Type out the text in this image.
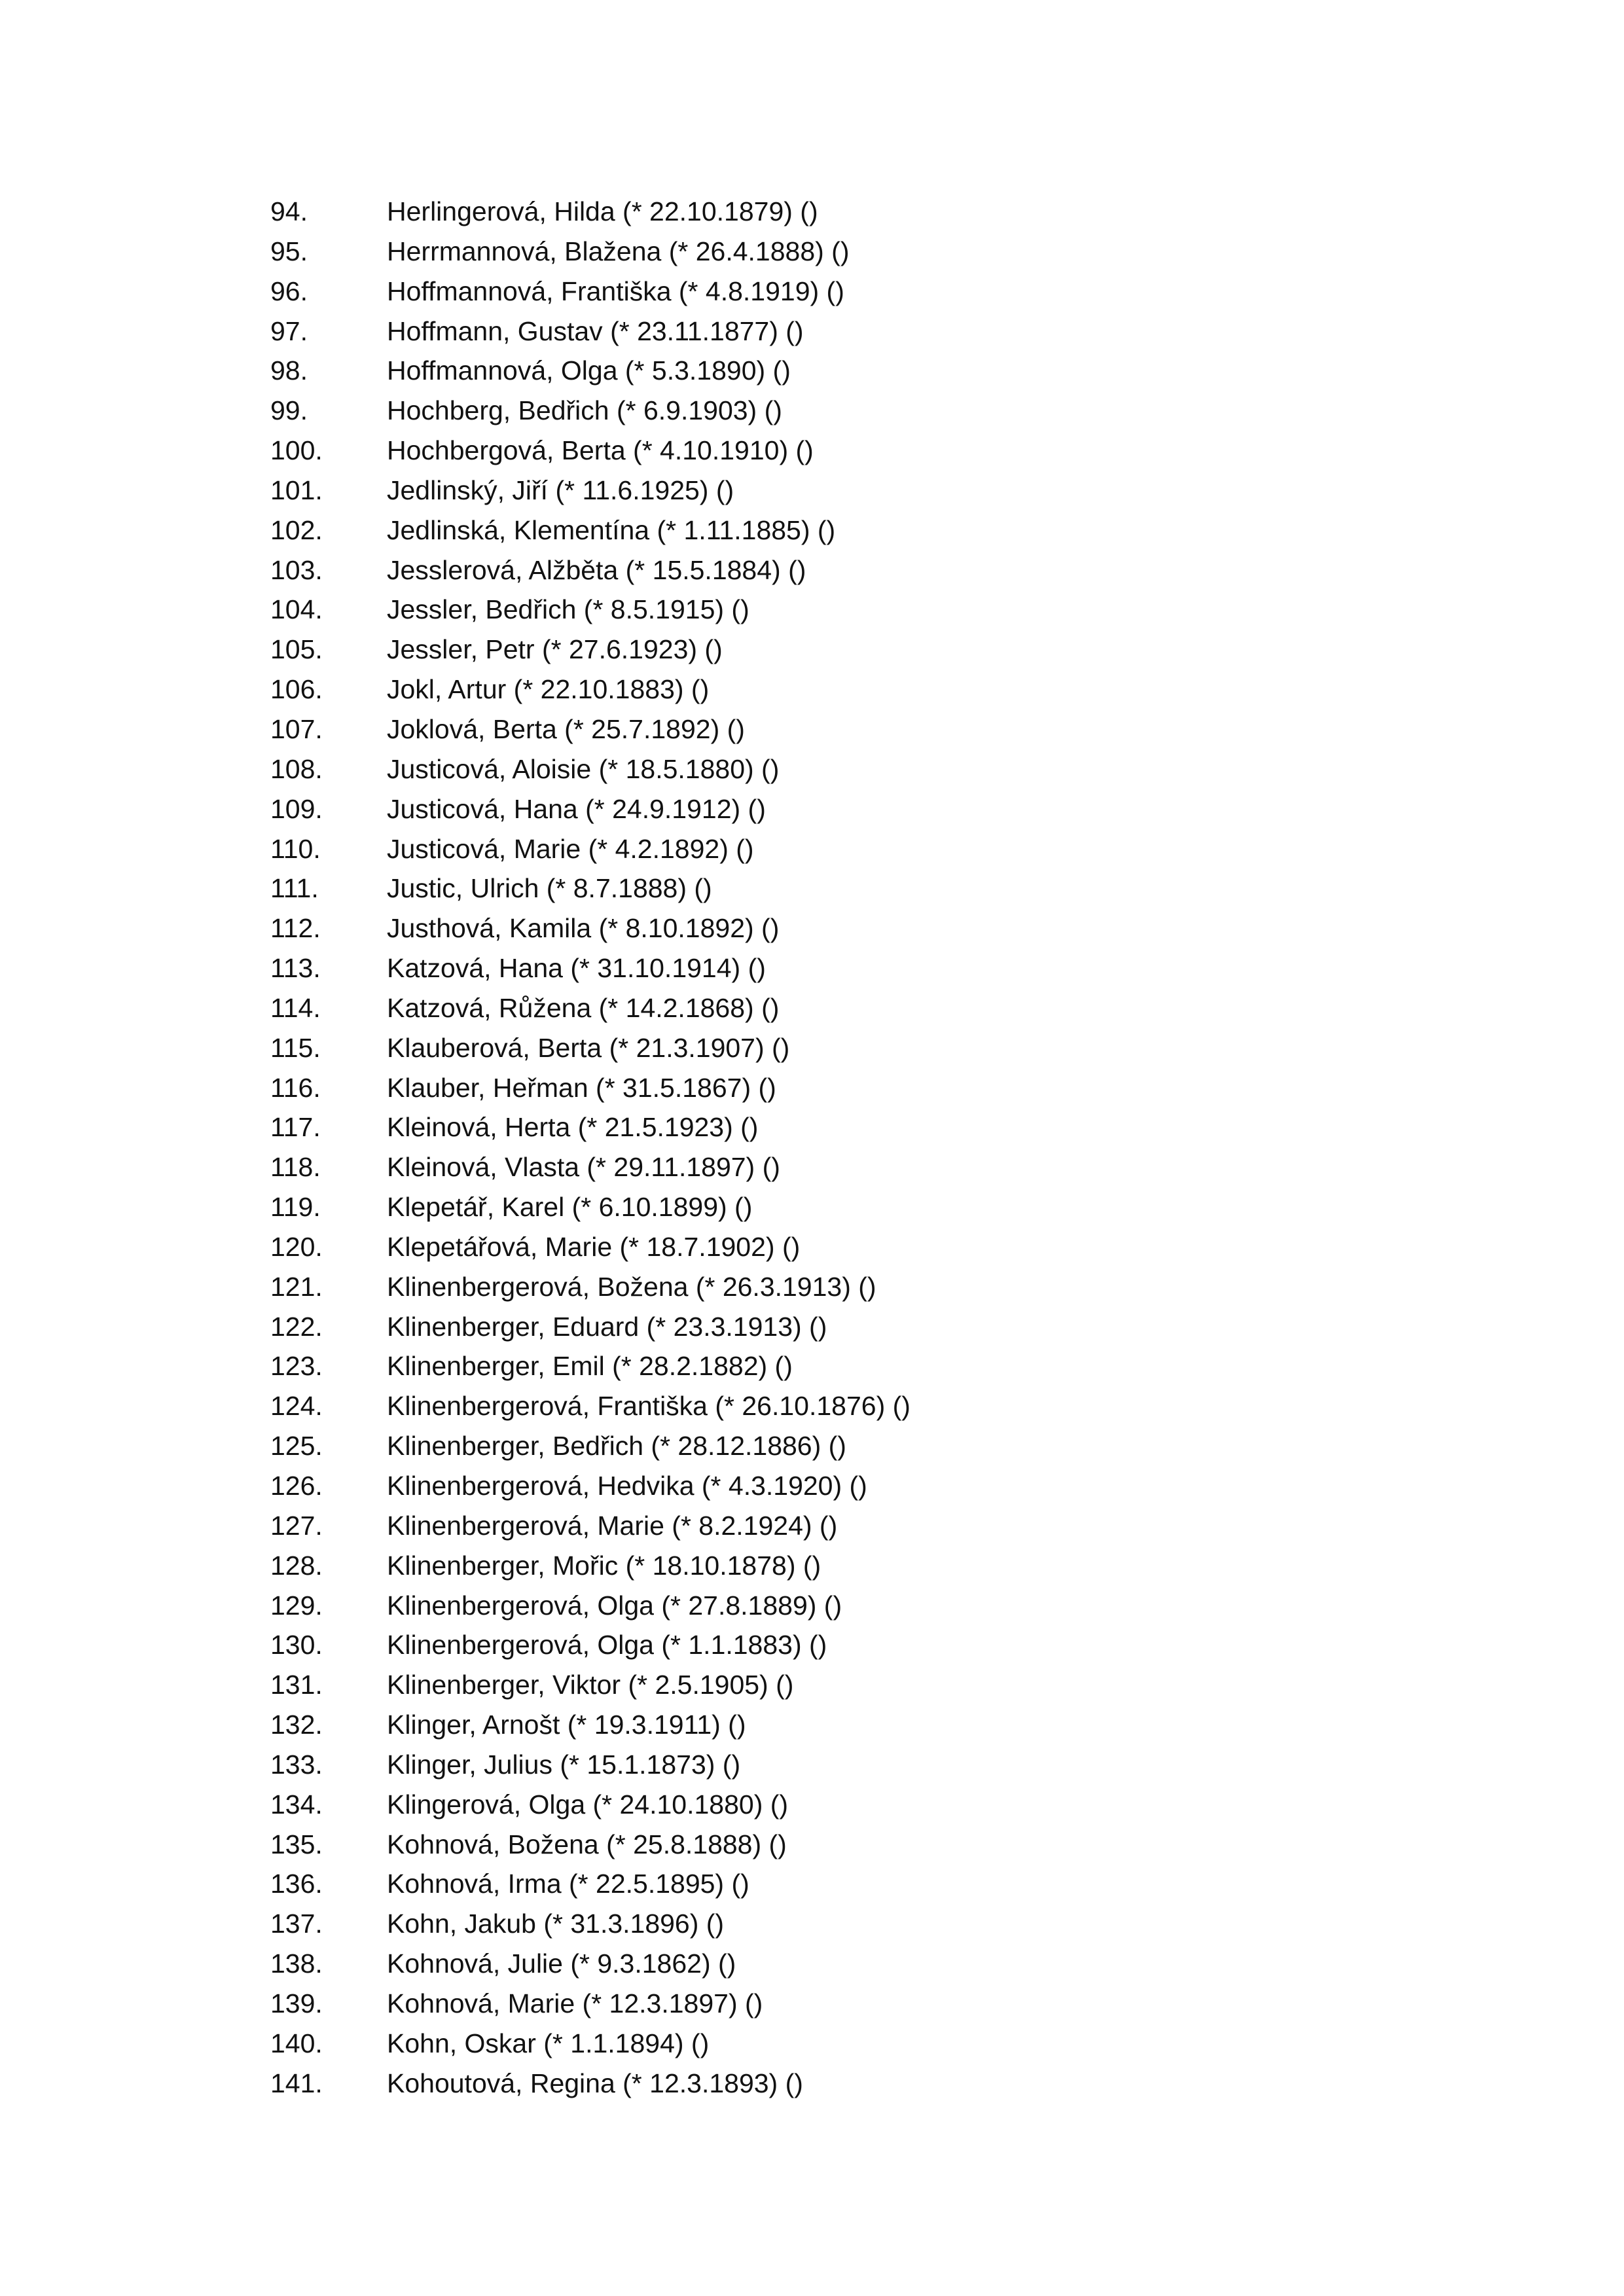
94.	Herlingerová, Hilda (* 22.10.1879) ()
95.	Herrmannová, Blažena (* 26.4.1888) ()
96.	Hoffmannová, Františka (* 4.8.1919) ()
97.	Hoffmann, Gustav (* 23.11.1877) ()
98.	Hoffmannová, Olga (* 5.3.1890) ()
99.	Hochberg, Bedřich (* 6.9.1903) ()
100. Hochbergová, Berta (* 4.10.1910) ()
101. Jedlinský, Jiří (* 11.6.1925) ()
102. Jedlinská, Klementína (* 1.11.1885) ()
103. Jesslerová, Alžběta (* 15.5.1884) ()
104. Jessler, Bedřich (* 8.5.1915) ()
105. Jessler, Petr (* 27.6.1923) ()
106. Jokl, Artur (* 22.10.1883) ()
107. Joklová, Berta (* 25.7.1892) ()
108. Justicová, Aloisie (* 18.5.1880) ()
109. Justicová, Hana (* 24.9.1912) ()
110. Justicová, Marie (* 4.2.1892) ()
111.	Justic, Ulrich (* 8.7.1888) ()
112. Justhová, Kamila (* 8.10.1892) ()
113. Katzová, Hana (* 31.10.1914) ()
114. Katzová, Růžena (* 14.2.1868) ()
115. Klauberová, Berta (* 21.3.1907) ()
116. Klauber, Heřman (* 31.5.1867) ()
117. Kleinová, Herta (* 21.5.1923) ()
118. Kleinová, Vlasta (* 29.11.1897) ()
119. Klepetář, Karel (* 6.10.1899) ()
120. Klepetářová, Marie (* 18.7.1902) ()
121. Klinenbergerová, Božena (* 26.3.1913) ()
122. Klinenberger, Eduard (* 23.3.1913) ()
123. Klinenberger, Emil (* 28.2.1882) ()
124. Klinenbergerová, Františka (* 26.10.1876) ()
125. Klinenberger, Bedřich (* 28.12.1886) ()
126. Klinenbergerová, Hedvika (* 4.3.1920) ()
127. Klinenbergerová, Marie (* 8.2.1924) ()
128. Klinenberger, Mořic (* 18.10.1878) ()
129. Klinenbergerová, Olga (* 27.8.1889) ()
130. Klinenbergerová, Olga (* 1.1.1883) ()
131. Klinenberger, Viktor (* 2.5.1905) ()
132. Klinger, Arnošt (* 19.3.1911) ()
133. Klinger, Julius (* 15.1.1873) ()
134. Klingerová, Olga (* 24.10.1880) ()
135. Kohnová, Božena (* 25.8.1888) ()
136. Kohnová, Irma (* 22.5.1895) ()
137. Kohn, Jakub (* 31.3.1896) ()
138. Kohnová, Julie (* 9.3.1862) ()
139. Kohnová, Marie (* 12.3.1897) ()
140. Kohn, Oskar (* 1.1.1894) ()
141. Kohoutová, Regina (* 12.3.1893) ()
